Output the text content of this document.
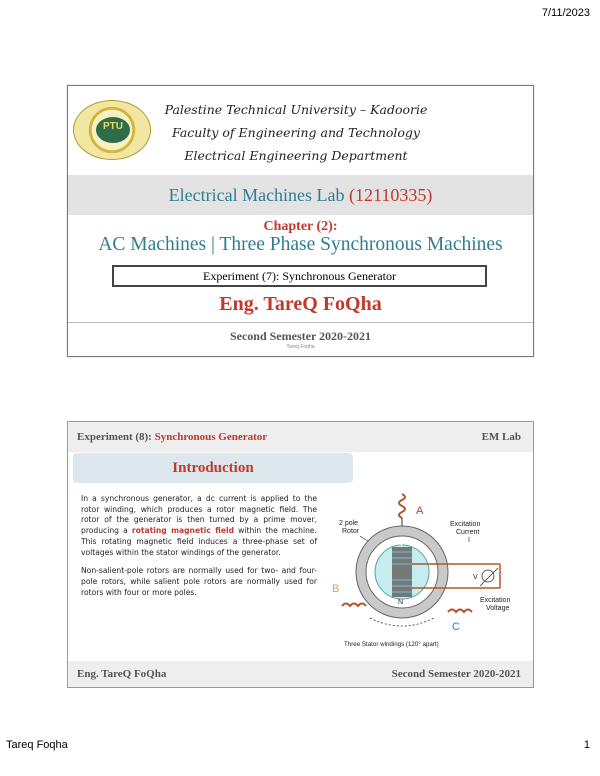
7/11/2023
PTU
Palestine Technical University – Kadoorie
Faculty of Engineering and Technology
Electrical Engineering Department
Electrical Machines Lab (12110335)
Chapter (2):
AC Machines | Three Phase Synchronous Machines
Experiment (7): Synchronous Generator
Eng. TareQ FoQha
Second Semester 2020-2021
Tareq Foqha
Experiment (8): Synchronous Generator	EM Lab
Introduction

In a synchronous generator, a dc current is applied to the rotor winding, which produces a rotor magnetic field. The rotor of the generator is then turned by a prime mover, producing a rotating magnetic field within the machine. This rotating magnetic field induces a three-phase set of voltages within the stator windings of the generator.

Non-salient-pole rotors are normally used for two- and four-pole rotors, while salient pole rotors are normally used for rotors with four or more poles.

A
2 pole
Rotor
S
N
V
Excitation
Current
I
Excitation
Voltage
B
C
Three Stator windings (120° apart)
Eng. TareQ FoQha	Second Semester 2020-2021
Tareq Foqha	1
